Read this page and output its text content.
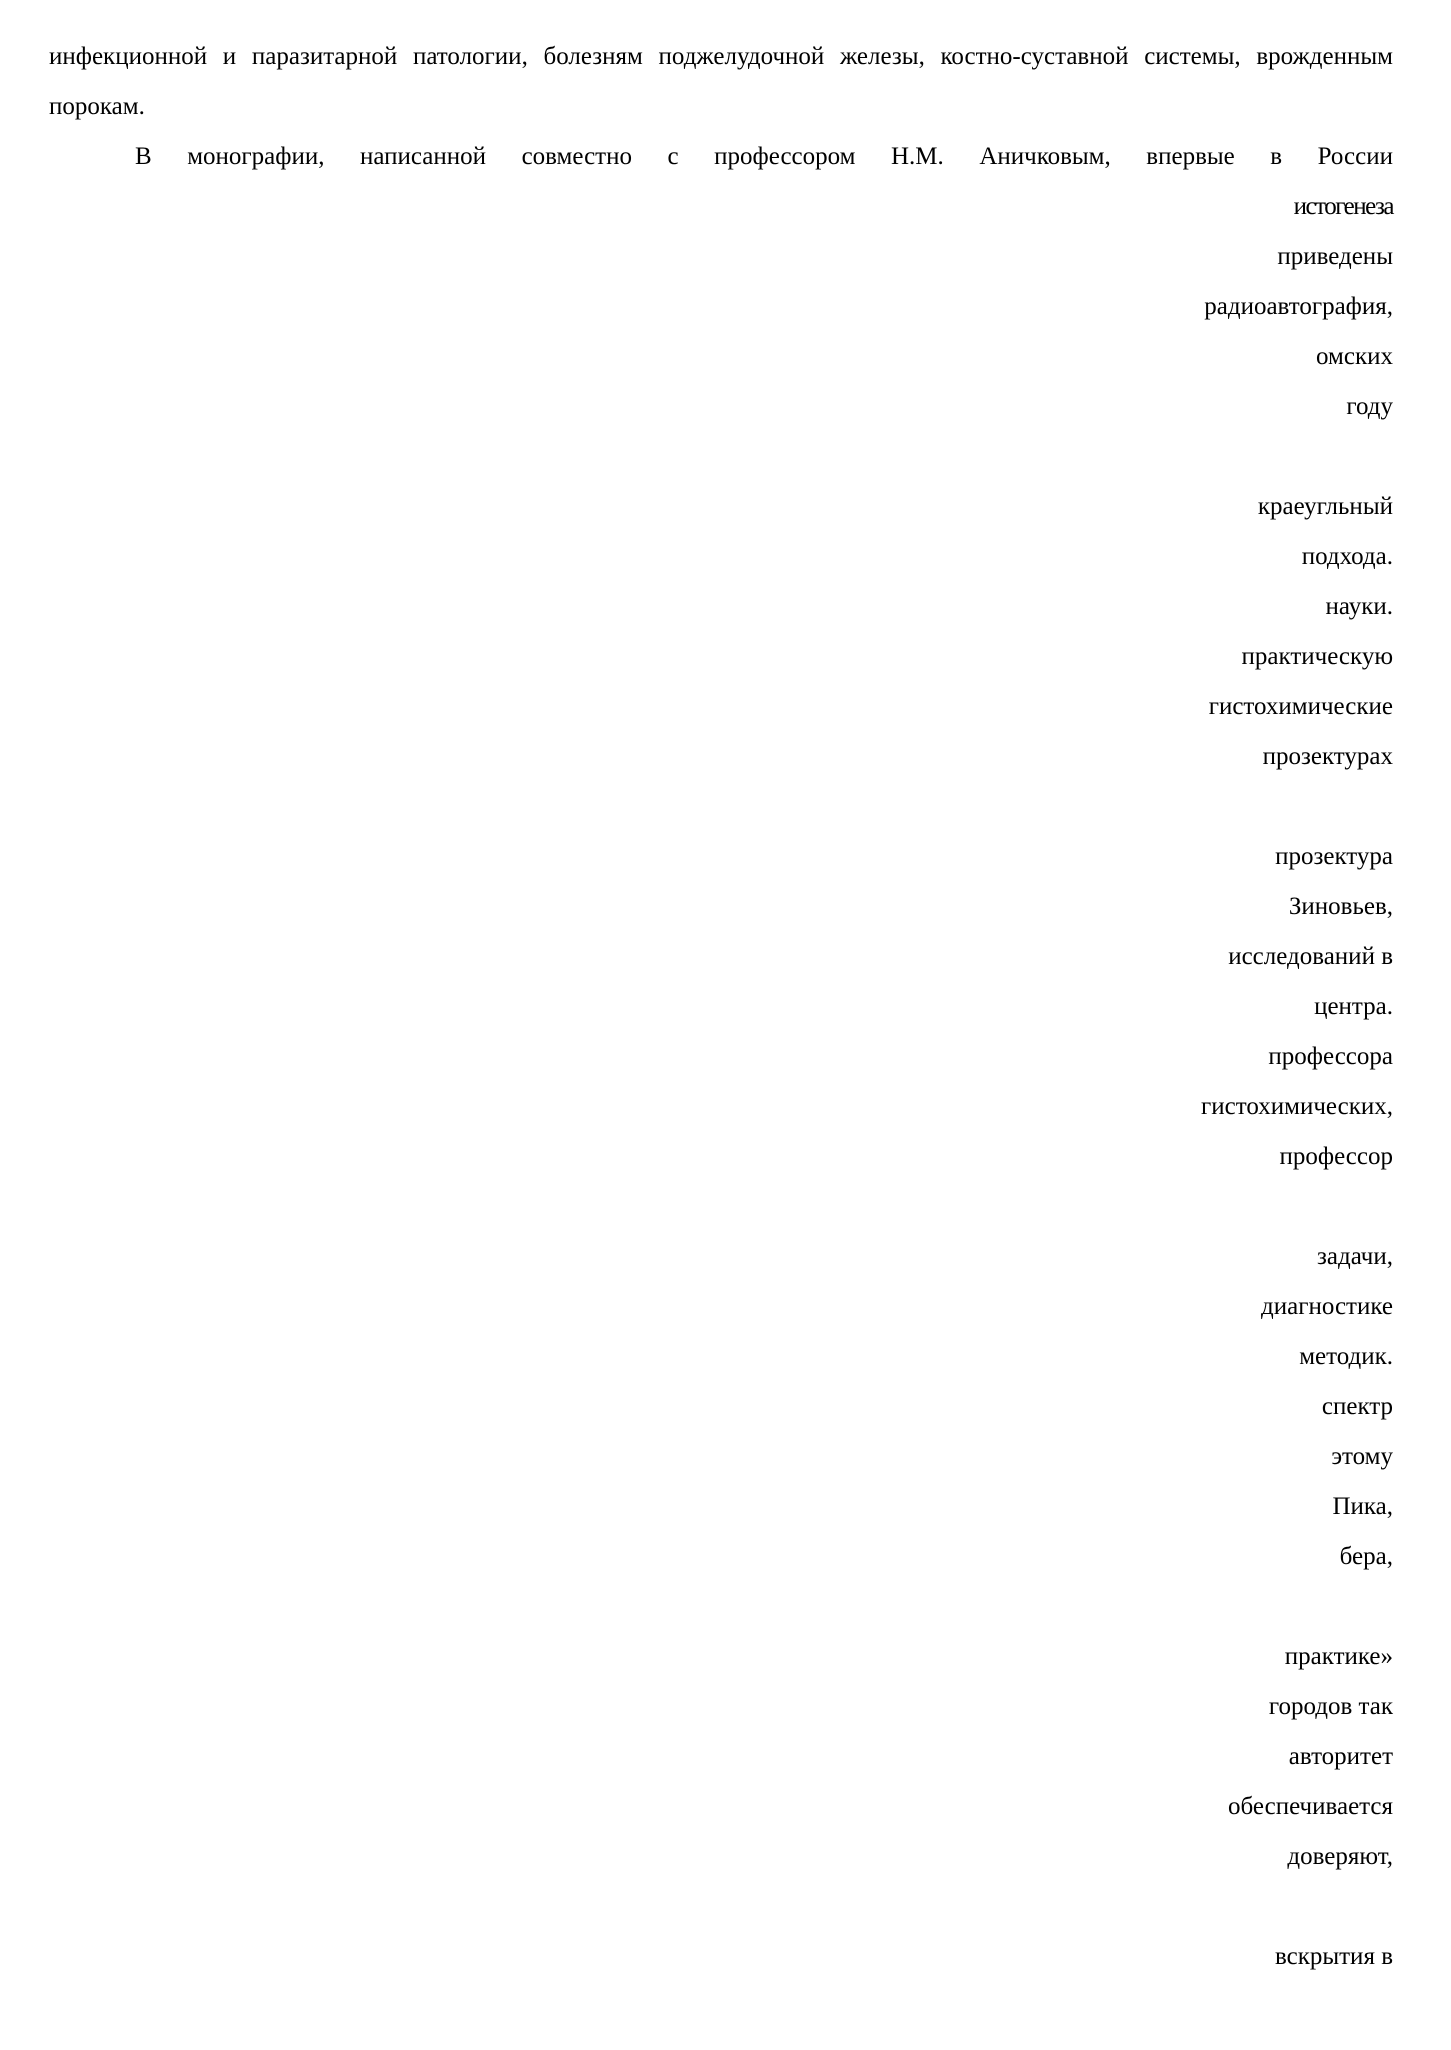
инфекционной и паразитарной патологии, болезням поджелудочной железы, костно-суставной системы, врожденным порокам.

В монографии, написанной совместно с профессором Н.М. Аничковым, впервые в России

истогенеза
приведены
радиоавтография,
омских
году
краеугльный
подхода.
науки.
практическую
гистохимические
прозектурах
прозектура
Зиновьев,
исследований в
центра.
профессора
гистохимических,
профессор
задачи,
диагностике
методик.
спектр
этому
Пика,
бера,
практике»
городов так
авторитет
обеспечивается
доверяют,
вскрытия в
